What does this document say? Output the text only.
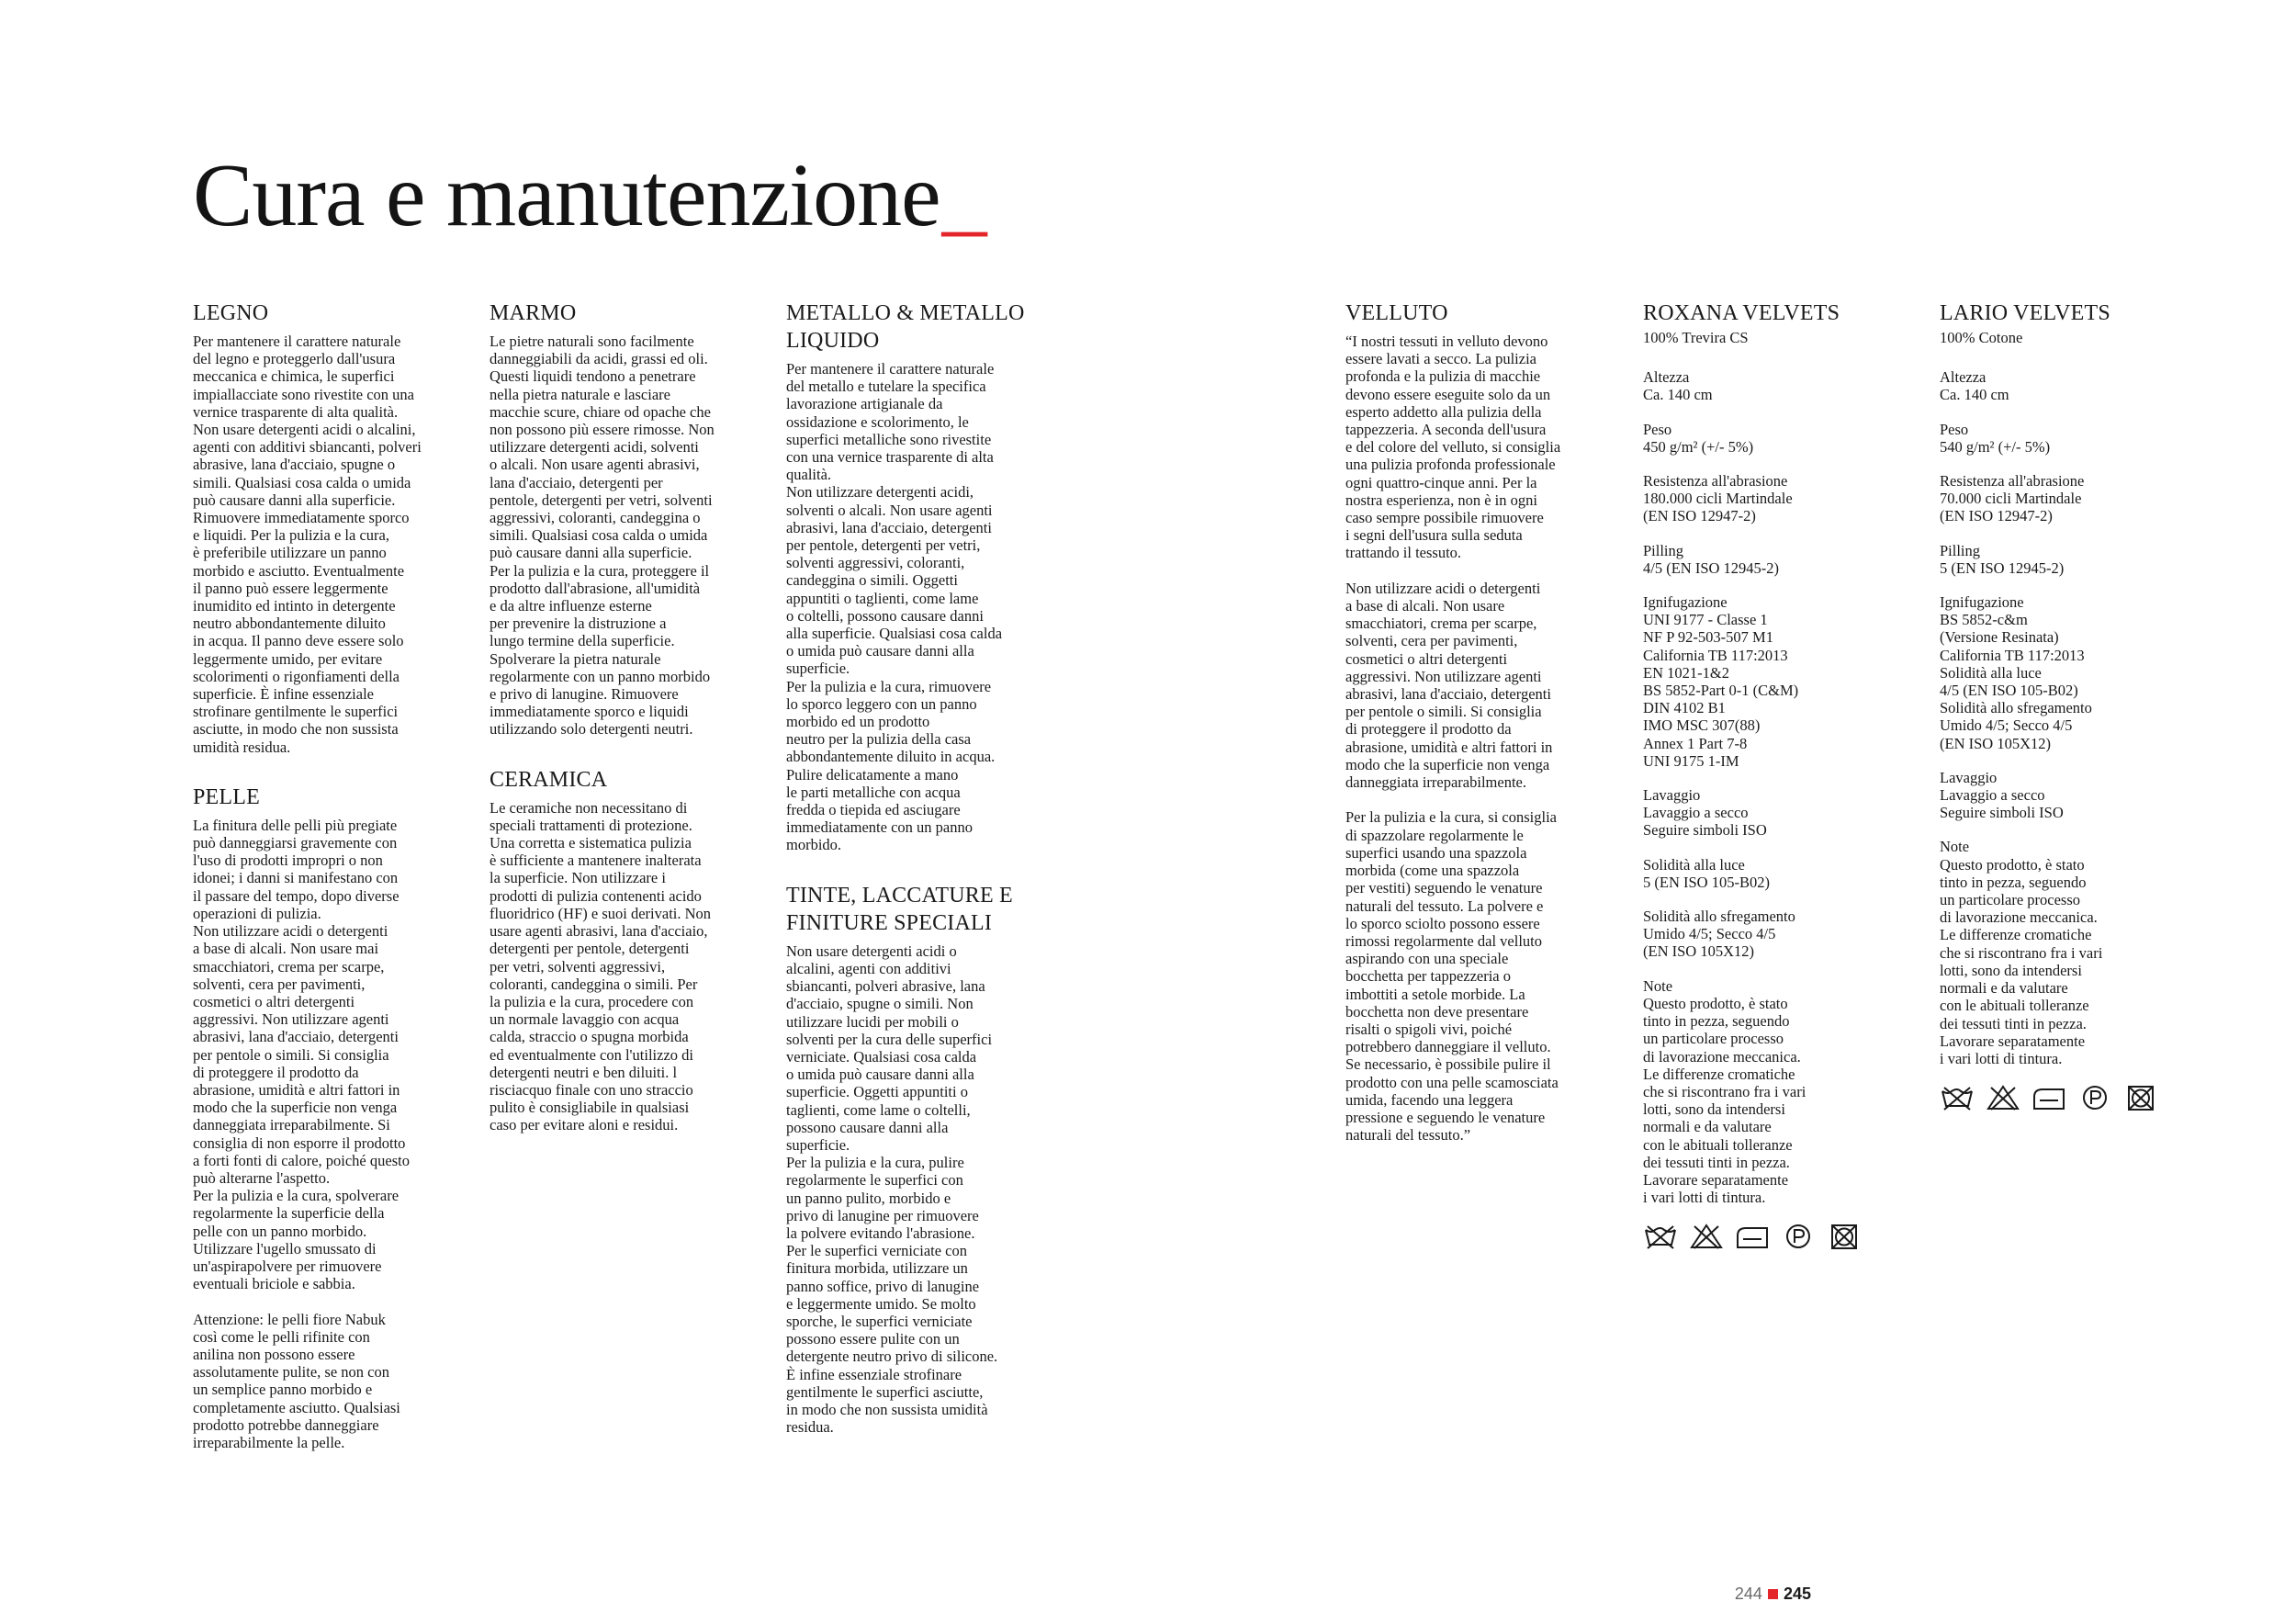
Cura e manutenzione_
LEGNO

Per mantenere il carattere naturale
del legno e proteggerlo dall'usura
meccanica e chimica, le superfici
impiallacciate sono rivestite con una
vernice trasparente di alta qualità.
Non usare detergenti acidi o alcalini,
agenti con additivi sbiancanti, polveri
abrasive, lana d'acciaio, spugne o
simili. Qualsiasi cosa calda o umida
può causare danni alla superficie.
Rimuovere immediatamente sporco
e liquidi. Per la pulizia e la cura,
è preferibile utilizzare un panno
morbido e asciutto. Eventualmente
il panno può essere leggermente
inumidito ed intinto in detergente
neutro abbondantemente diluito
in acqua. Il panno deve essere solo
leggermente umido, per evitare
scolorimenti o rigonfiamenti della
superficie. È infine essenziale
strofinare gentilmente le superfici
asciutte, in modo che non sussista
umidità residua.

PELLE

La finitura delle pelli più pregiate
può danneggiarsi gravemente con
l'uso di prodotti impropri o non
idonei; i danni si manifestano con
il passare del tempo, dopo diverse
operazioni di pulizia.
Non utilizzare acidi o detergenti
a base di alcali. Non usare mai
smacchiatori, crema per scarpe,
solventi, cera per pavimenti,
cosmetici o altri detergenti
aggressivi. Non utilizzare agenti
abrasivi, lana d'acciaio, detergenti
per pentole o simili. Si consiglia
di proteggere il prodotto da
abrasione, umidità e altri fattori in
modo che la superficie non venga
danneggiata irreparabilmente. Si
consiglia di non esporre il prodotto
a forti fonti di calore, poiché questo
può alterarne l'aspetto.
Per la pulizia e la cura, spolverare
regolarmente la superficie della
pelle con un panno morbido.
Utilizzare l'ugello smussato di
un'aspirapolvere per rimuovere
eventuali briciole e sabbia.

Attenzione: le pelli fiore Nabuk
così come le pelli rifinite con
anilina non possono essere
assolutamente pulite, se non con
un semplice panno morbido e
completamente asciutto. Qualsiasi
prodotto potrebbe danneggiare
irreparabilmente la pelle.

MARMO

Le pietre naturali sono facilmente
danneggiabili da acidi, grassi ed oli.
Questi liquidi tendono a penetrare
nella pietra naturale e lasciare
macchie scure, chiare od opache che
non possono più essere rimosse. Non
utilizzare detergenti acidi, solventi
o alcali. Non usare agenti abrasivi,
lana d'acciaio, detergenti per
pentole, detergenti per vetri, solventi
aggressivi, coloranti, candeggina o
simili. Qualsiasi cosa calda o umida
può causare danni alla superficie.
Per la pulizia e la cura, proteggere il
prodotto dall'abrasione, all'umidità
e da altre influenze esterne
per prevenire la distruzione a
lungo termine della superficie.
Spolverare la pietra naturale
regolarmente con un panno morbido
e privo di lanugine. Rimuovere
immediatamente sporco e liquidi
utilizzando solo detergenti neutri.

CERAMICA

Le ceramiche non necessitano di
speciali trattamenti di protezione.
Una corretta e sistematica pulizia
è sufficiente a mantenere inalterata
la superficie. Non utilizzare i
prodotti di pulizia contenenti acido
fluoridrico (HF) e suoi derivati. Non
usare agenti abrasivi, lana d'acciaio,
detergenti per pentole, detergenti
per vetri, solventi aggressivi,
coloranti, candeggina o simili. Per
la pulizia e la cura, procedere con
un normale lavaggio con acqua
calda, straccio o spugna morbida
ed eventualmente con l'utilizzo di
detergenti neutri e ben diluiti. l
risciacquo finale con uno straccio
pulito è consigliabile in qualsiasi
caso per evitare aloni e residui.

METALLO & METALLO
LIQUIDO

Per mantenere il carattere naturale
del metallo e tutelare la specifica
lavorazione artigianale da
ossidazione e scolorimento, le
superfici metalliche sono rivestite
con una vernice trasparente di alta
qualità.
Non utilizzare detergenti acidi,
solventi o alcali. Non usare agenti
abrasivi, lana d'acciaio, detergenti
per pentole, detergenti per vetri,
solventi aggressivi, coloranti,
candeggina o simili. Oggetti
appuntiti o taglienti, come lame
o coltelli, possono causare danni
alla superficie. Qualsiasi cosa calda
o umida può causare danni alla
superficie.
Per la pulizia e la cura, rimuovere
lo sporco leggero con un panno
morbido ed un prodotto
neutro per la pulizia della casa
abbondantemente diluito in acqua.
Pulire delicatamente a mano
le parti metalliche con acqua
fredda o tiepida ed asciugare
immediatamente con un panno
morbido.

TINTE, LACCATURE E
FINITURE SPECIALI

Non usare detergenti acidi o
alcalini, agenti con additivi
sbiancanti, polveri abrasive, lana
d'acciaio, spugne o simili. Non
utilizzare lucidi per mobili o
solventi per la cura delle superfici
verniciate. Qualsiasi cosa calda
o umida può causare danni alla
superficie. Oggetti appuntiti o
taglienti, come lame o coltelli,
possono causare danni alla
superficie.
Per la pulizia e la cura, pulire
regolarmente le superfici con
un panno pulito, morbido e
privo di lanugine per rimuovere
la polvere evitando l'abrasione.
Per le superfici verniciate con
finitura morbida, utilizzare un
panno soffice, privo di lanugine
e leggermente umido. Se molto
sporche, le superfici verniciate
possono essere pulite con un
detergente neutro privo di silicone.
È infine essenziale strofinare
gentilmente le superfici asciutte,
in modo che non sussista umidità
residua.

VELLUTO

“I nostri tessuti in velluto devono
essere lavati a secco. La pulizia
profonda e la pulizia di macchie
devono essere eseguite solo da un
esperto addetto alla pulizia della
tappezzeria. A seconda dell'usura
e del colore del velluto, si consiglia
una pulizia profonda professionale
ogni quattro-cinque anni. Per la
nostra esperienza, non è in ogni
caso sempre possibile rimuovere
i segni dell'usura sulla seduta
trattando il tessuto.

Non utilizzare acidi o detergenti
a base di alcali. Non usare
smacchiatori, crema per scarpe,
solventi, cera per pavimenti,
cosmetici o altri detergenti
aggressivi. Non utilizzare agenti
abrasivi, lana d'acciaio, detergenti
per pentole o simili. Si consiglia
di proteggere il prodotto da
abrasione, umidità e altri fattori in
modo che la superficie non venga
danneggiata irreparabilmente.

Per la pulizia e la cura, si consiglia
di spazzolare regolarmente le
superfici usando una spazzola
morbida (come una spazzola
per vestiti) seguendo le venature
naturali del tessuto. La polvere e
lo sporco sciolto possono essere
rimossi regolarmente dal velluto
aspirando con una speciale
bocchetta per tappezzeria o
imbottiti a setole morbide. La
bocchetta non deve presentare
risalti o spigoli vivi, poiché
potrebbero danneggiare il velluto.
Se necessario, è possibile pulire il
prodotto con una pelle scamosciata
umida, facendo una leggera
pressione e seguendo le venature
naturali del tessuto.”

ROXANA VELVETS
100% Trevira CS
Altezza
Ca. 140 cm
Peso
450 g/m² (+/- 5%)
Resistenza all'abrasione
180.000 cicli Martindale
(EN ISO 12947-2)
Pilling
4/5 (EN ISO 12945-2)
Ignifugazione
UNI 9177 - Classe 1
NF P 92-503-507 M1
California TB 117:2013
EN 1021-1&2
BS 5852-Part 0-1 (C&M)
DIN 4102 B1
IMO MSC 307(88)
Annex 1 Part 7-8
UNI 9175 1-IM
Lavaggio
Lavaggio a secco
Seguire simboli ISO
Solidità alla luce
5 (EN ISO 105-B02)
Solidità allo sfregamento
Umido 4/5; Secco 4/5
(EN ISO 105X12)
Note
Questo prodotto, è stato
tinto in pezza, seguendo
un particolare processo
di lavorazione meccanica.
Le differenze cromatiche
che si riscontrano fra i vari
lotti, sono da intendersi
normali e da valutare
con le abituali tolleranze
dei tessuti tinti in pezza.
Lavorare separatamente
i vari lotti di tintura.
LARIO VELVETS
100% Cotone
Altezza
Ca. 140 cm
Peso
540 g/m² (+/- 5%)
Resistenza all'abrasione
70.000 cicli Martindale
(EN ISO 12947-2)
Pilling
5 (EN ISO 12945-2)
Ignifugazione
BS 5852-c&m
(Versione Resinata)
California TB 117:2013
Solidità alla luce
4/5 (EN ISO 105-B02)
Solidità allo sfregamento
Umido 4/5; Secco 4/5
(EN ISO 105X12)
Lavaggio
Lavaggio a secco
Seguire simboli ISO
Note
Questo prodotto, è stato
tinto in pezza, seguendo
un particolare processo
di lavorazione meccanica.
Le differenze cromatiche
che si riscontrano fra i vari
lotti, sono da intendersi
normali e da valutare
con le abituali tolleranze
dei tessuti tinti in pezza.
Lavorare separatamente
i vari lotti di tintura.
244 245
